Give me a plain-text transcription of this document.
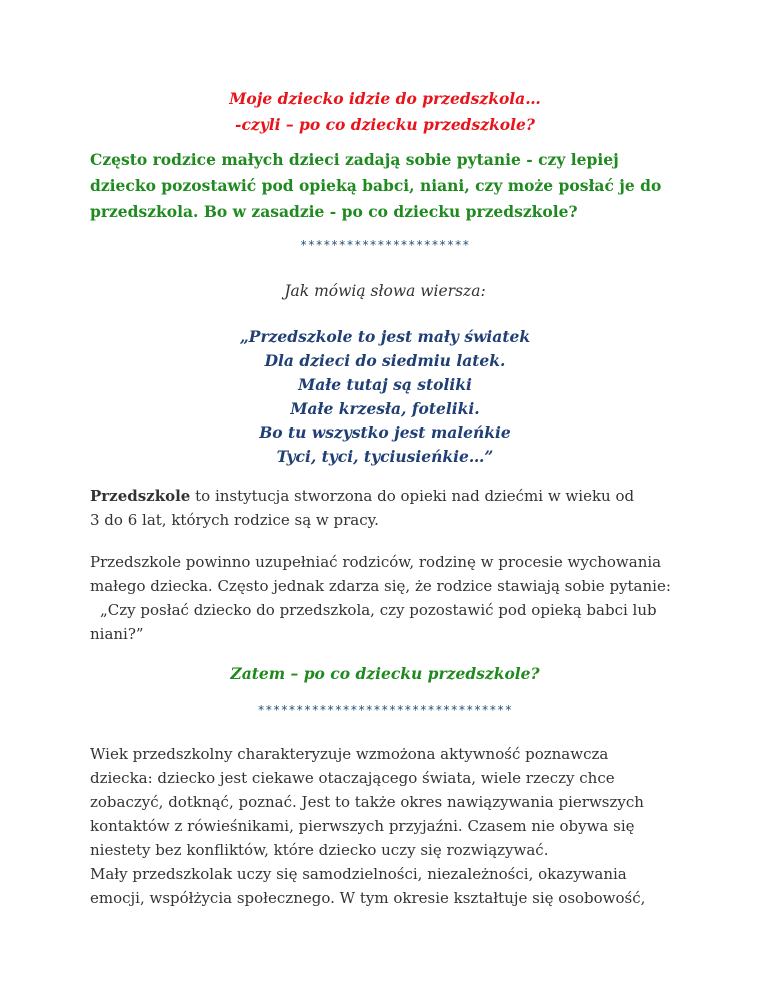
Moje dziecko idzie do przedszkola…
-czyli – po co dziecku przedszkole?
Często rodzice małych dzieci zadają sobie pytanie - czy lepiej
dziecko pozostawić pod opieką babci, niani, czy może posłać je do
przedszkola. Bo w zasadzie - po co dziecku przedszkole?
**********************
Jak mówią słowa wiersza:
„Przedszkole to jest mały światek
Dla dzieci do siedmiu latek.
Małe tutaj są stoliki
Małe krzesła, foteliki.
Bo tu wszystko jest maleńkie
Tyci, tyci, tyciusieńkie…”
Przedszkole to instytucja stworzona do opieki nad dziećmi w wieku od
3 do 6 lat, których rodzice są w pracy.
Przedszkole powinno uzupełniać rodziców, rodzinę w procesie wychowania
małego dziecka. Często jednak zdarza się, że rodzice stawiają sobie pytanie:
„Czy posłać dziecko do przedszkola, czy pozostawić pod opieką babci lub
niani?”
Zatem – po co dziecku przedszkole?
*********************************
Wiek przedszkolny charakteryzuje wzmożona aktywność poznawcza
dziecka: dziecko jest ciekawe otaczającego świata, wiele rzeczy chce
zobaczyć, dotknąć, poznać. Jest to także okres nawiązywania pierwszych
kontaktów z rówieśnikami, pierwszych przyjaźni. Czasem nie obywa się
niestety bez konfliktów, które dziecko uczy się rozwiązywać.
Mały przedszkolak uczy się samodzielności, niezależności, okazywania
emocji, współżycia społecznego. W tym okresie kształtuje się osobowość,
